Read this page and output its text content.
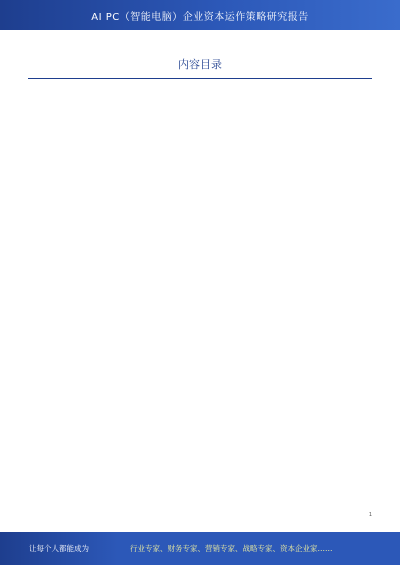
AI PC（智能电脑）企业资本运作策略研究报告
内容目录
1
让每个人都能成为	行业专家、财务专家、营销专家、战略专家、资本企业家……
